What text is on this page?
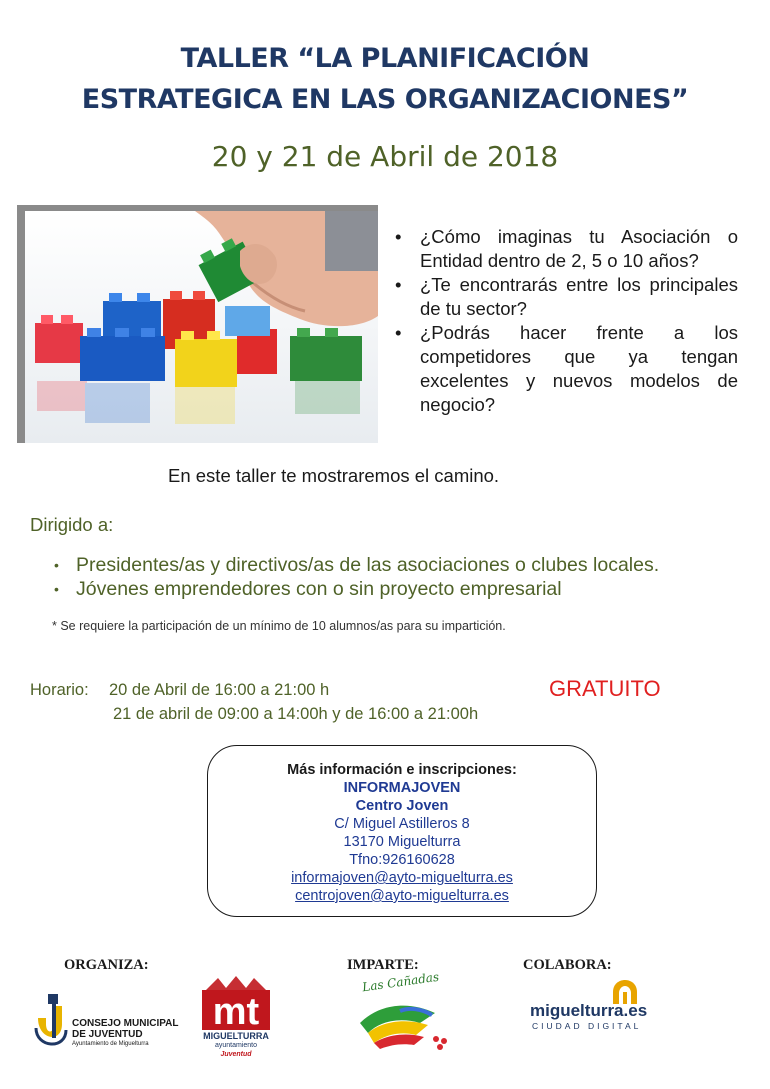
TALLER “LA PLANIFICACIÓN
ESTRATEGICA EN LAS ORGANIZACIONES”
20 y 21 de Abril de 2018
• ¿Cómo imaginas tu Asociación o Entidad dentro de 2, 5 o 10 años?
• ¿Te encontrarás entre los principales de tu sector?
• ¿Podrás hacer frente a los competidores que ya tengan excelentes y nuevos modelos de negocio?
En este taller te mostraremos el camino.
Dirigido a:
• Presidentes/as y directivos/as de las asociaciones o clubes locales.
• Jóvenes emprendedores con o sin proyecto empresarial
* Se requiere la participación de un mínimo de 10 alumnos/as para su impartición.
Horario: 20 de Abril de 16:00 a 21:00 h
21 de abril de 09:00 a 14:00h y de 16:00 a 21:00h
GRATUITO
Más información e inscripciones:
INFORMAJOVEN
Centro Joven
C/ Miguel Astilleros 8
13170 Miguelturra
Tfno:926160628
informajoven@ayto-miguelturra.es
centrojoven@ayto-miguelturra.es
ORGANIZA:	IMPARTE:	COLABORA:
CONSEJO MUNICIPAL
DE JUVENTUD
Ayuntamiento de Miguelturra
mt
MIGUELTURRA
ayuntamiento
Juventud
Las Cañadas
miguelturra.es
CIUDAD DIGITAL
